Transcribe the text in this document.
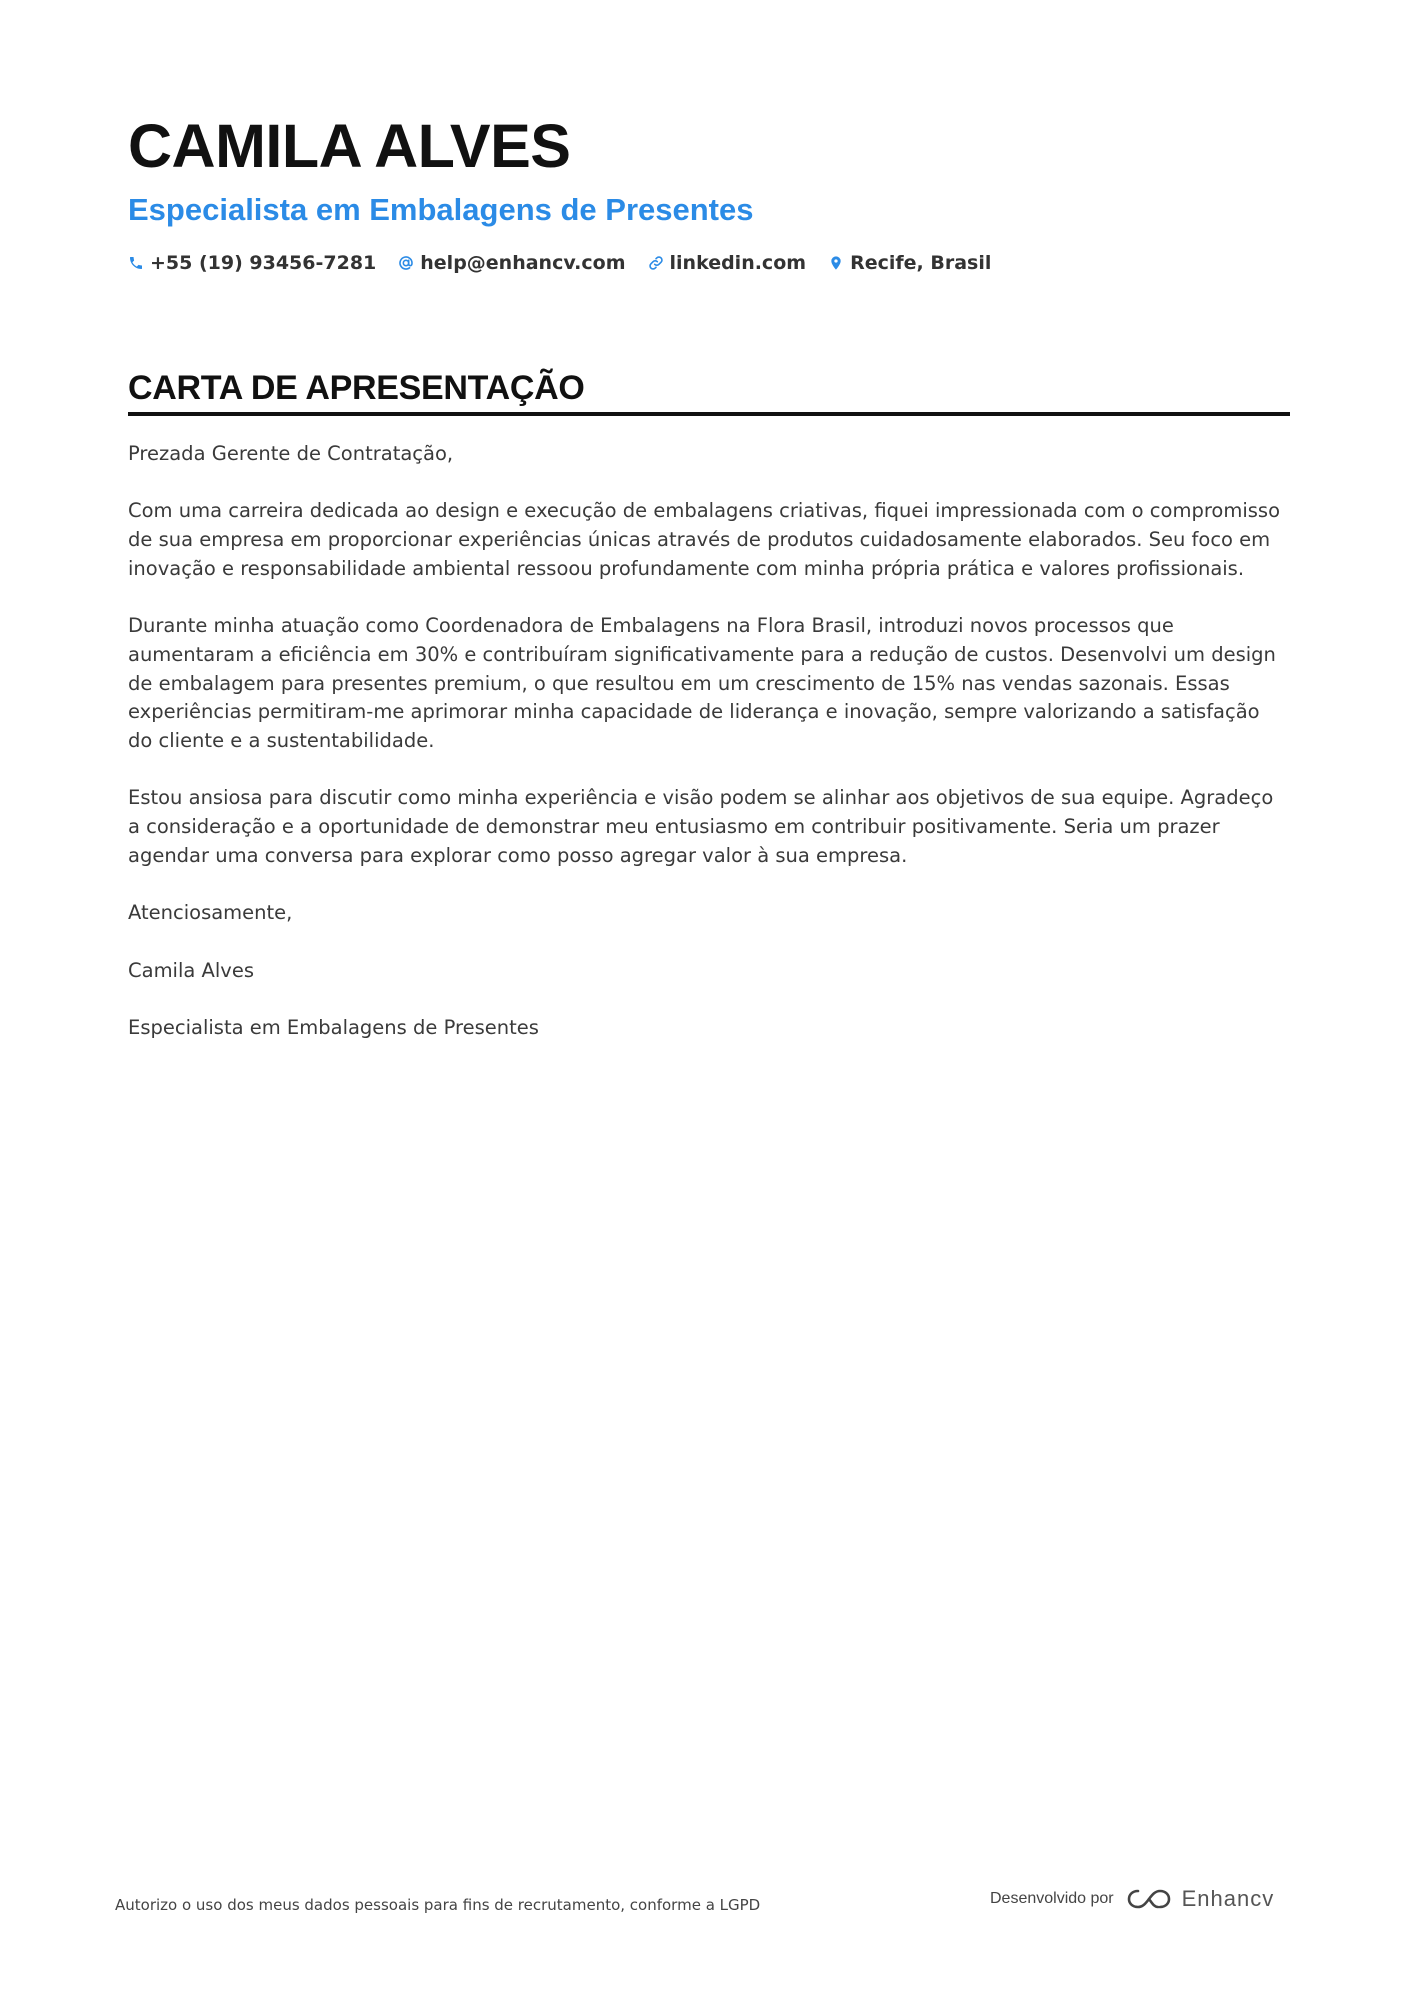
CAMILA ALVES
Especialista em Embalagens de Presentes
+55 (19) 93456-7281 help@enhancv.com linkedin.com Recife, Brasil
CARTA DE APRESENTAÇÃO

Prezada Gerente de Contratação,

Com uma carreira dedicada ao design e execução de embalagens criativas, fiquei impressionada com o compromisso de sua empresa em proporcionar experiências únicas através de produtos cuidadosamente elaborados. Seu foco em inovação e responsabilidade ambiental ressoou profundamente com minha própria prática e valores profissionais.

Durante minha atuação como Coordenadora de Embalagens na Flora Brasil, introduzi novos processos que aumentaram a eficiência em 30% e contribuíram significativamente para a redução de custos. Desenvolvi um design de embalagem para presentes premium, o que resultou em um crescimento de 15% nas vendas sazonais. Essas experiências permitiram-me aprimorar minha capacidade de liderança e inovação, sempre valorizando a satisfação do cliente e a sustentabilidade.

Estou ansiosa para discutir como minha experiência e visão podem se alinhar aos objetivos de sua equipe. Agradeço a consideração e a oportunidade de demonstrar meu entusiasmo em contribuir positivamente. Seria um prazer agendar uma conversa para explorar como posso agregar valor à sua empresa.

Atenciosamente,

Camila Alves

Especialista em Embalagens de Presentes

Autorizo o uso dos meus dados pessoais para fins de recrutamento, conforme a LGPD	Desenvolvido por	Enhancv
